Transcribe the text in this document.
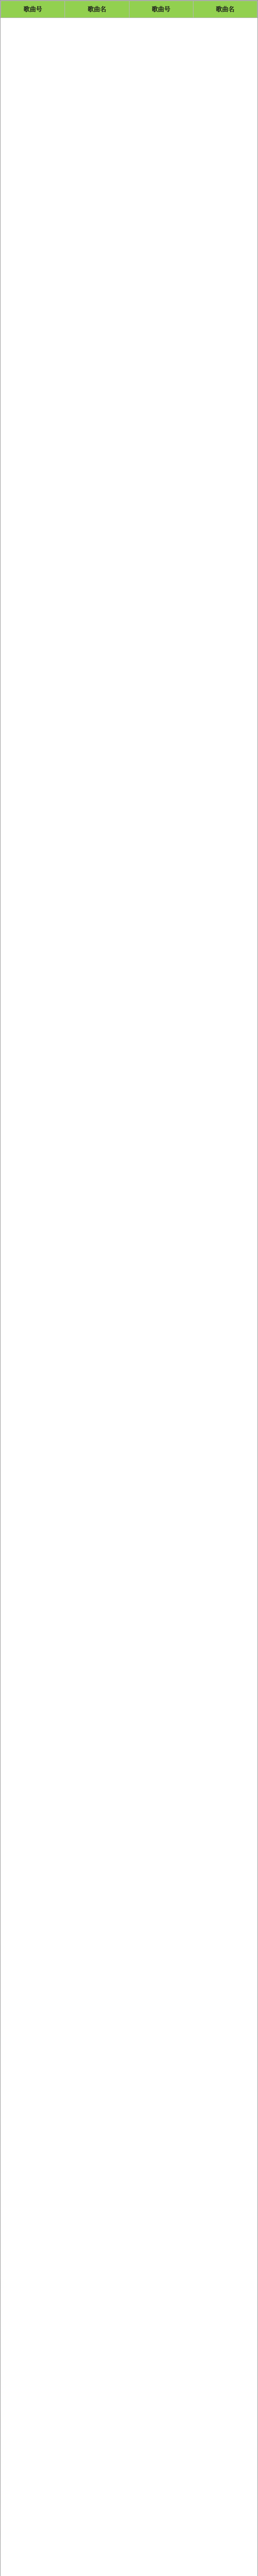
歌曲号	歌曲名	歌曲号	歌曲名
